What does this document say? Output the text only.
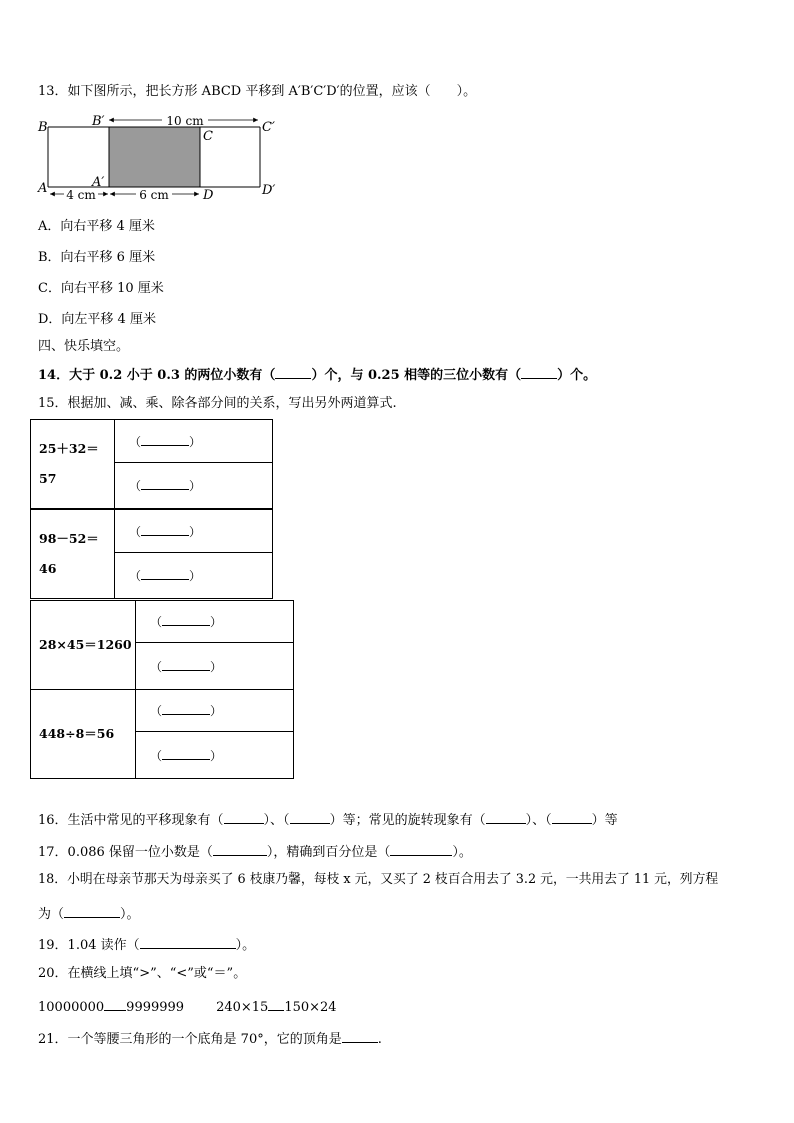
13．如下图所示，把长方形 ABCD 平移到 A′B′C′D′的位置，应该（　　）。
10 cm
4 cm	6 cm
B	B′
C
C′
A	A′
D	D′
A．向右平移 4 厘米
B．向右平移 6 厘米
C．向右平移 10 厘米
D．向左平移 4 厘米
四、快乐填空。
14．大于 0.2 小于 0.3 的两位小数有（	）个，与 0.25 相等的三位小数有（	）个。
15．根据加、减、乘、除各部分间的关系，写出另外两道算式.
25＋32＝
57
	（	）
（	）
98－52＝
46
	（	）
（	）
28×45＝1260	（ ）
	（ ）

448÷8＝56	（ ）
	（ ）
16．生活中常见的平移现象有（	）、（	）等；常见的旋转现象有（	）、（	）等
17．0.086 保留一位小数是（	），精确到百分位是（	）。
18．小明在母亲节那天为母亲买了 6 枝康乃馨，每枝 x 元，又买了 2 枝百合用去了 3.2 元，一共用去了 11 元，列方程
为（	）。
19．1.04 读作（	）。
20．在横线上填“>”、“<”或“＝”。
10000000 9999999 240×15 150×24
21．一个等腰三角形的一个底角是 70°，它的顶角是	.
